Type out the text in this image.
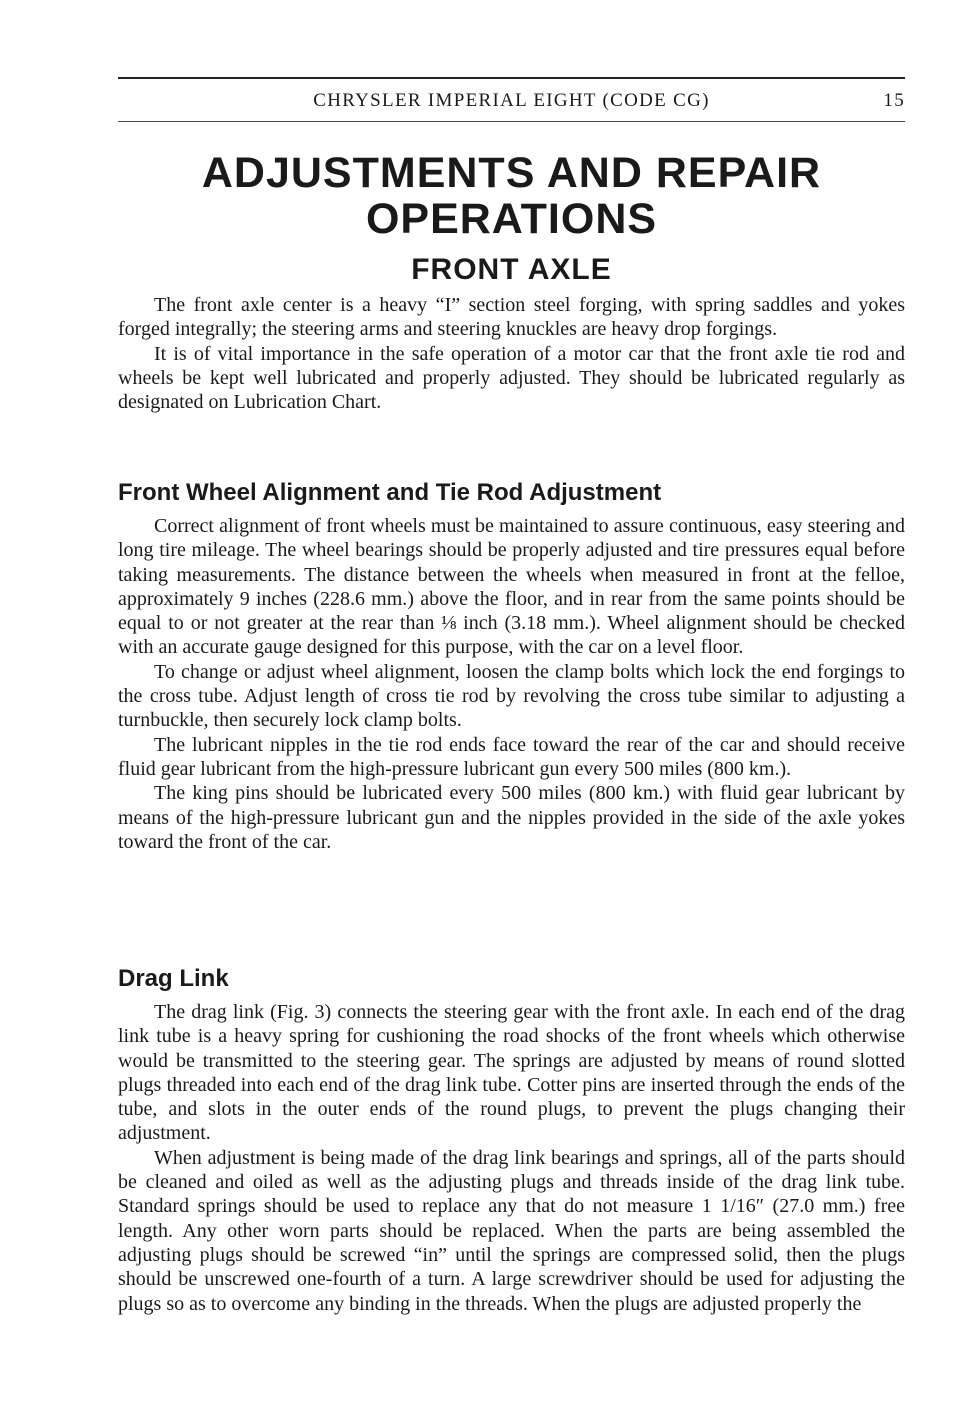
CHRYSLER IMPERIAL EIGHT (CODE CG)	15
ADJUSTMENTS AND REPAIR OPERATIONS
FRONT AXLE

The front axle center is a heavy “I” section steel forging, with spring saddles and yokes forged integrally; the steering arms and steering knuckles are heavy drop forgings.

It is of vital importance in the safe operation of a motor car that the front axle tie rod and wheels be kept well lubricated and properly adjusted. They should be lubricated regularly as designated on Lubrication Chart.

Front Wheel Alignment and Tie Rod Adjustment

Correct alignment of front wheels must be maintained to assure continuous, easy steering and long tire mileage. The wheel bearings should be properly adjusted and tire pressures equal before taking measurements. The distance between the wheels when measured in front at the felloe, approximately 9 inches (228.6 mm.) above the floor, and in rear from the same points should be equal to or not greater at the rear than ⅛ inch (3.18 mm.). Wheel alignment should be checked with an accurate gauge designed for this purpose, with the car on a level floor.

To change or adjust wheel alignment, loosen the clamp bolts which lock the end forgings to the cross tube. Adjust length of cross tie rod by revolving the cross tube similar to adjusting a turnbuckle, then securely lock clamp bolts.

The lubricant nipples in the tie rod ends face toward the rear of the car and should receive fluid gear lubricant from the high-pressure lubricant gun every 500 miles (800 km.).

The king pins should be lubricated every 500 miles (800 km.) with fluid gear lubricant by means of the high-pressure lubricant gun and the nipples provided in the side of the axle yokes toward the front of the car.

Drag Link

The drag link (Fig. 3) connects the steering gear with the front axle. In each end of the drag link tube is a heavy spring for cushioning the road shocks of the front wheels which otherwise would be transmitted to the steering gear. The springs are adjusted by means of round slotted plugs threaded into each end of the drag link tube. Cotter pins are inserted through the ends of the tube, and slots in the outer ends of the round plugs, to prevent the plugs changing their adjustment.

When adjustment is being made of the drag link bearings and springs, all of the parts should be cleaned and oiled as well as the adjusting plugs and threads inside of the drag link tube. Standard springs should be used to replace any that do not measure 1 1/16″ (27.0 mm.) free length. Any other worn parts should be replaced. When the parts are being assembled the adjusting plugs should be screwed “in” until the springs are compressed solid, then the plugs should be unscrewed one-fourth of a turn. A large screwdriver should be used for adjusting the plugs so as to overcome any binding in the threads. When the plugs are adjusted properly the
